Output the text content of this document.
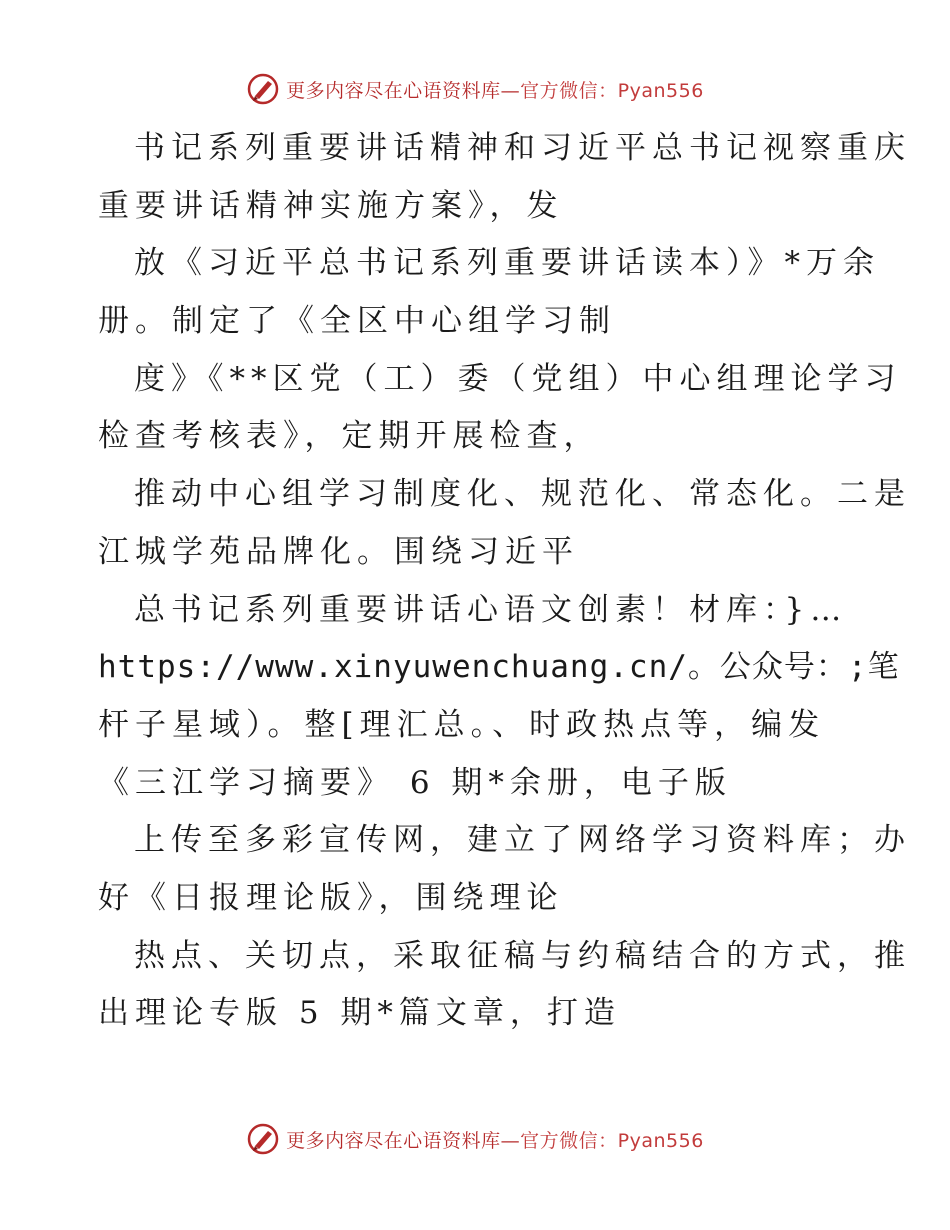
更多内容尽在心语资料库—官方微信：Pyan556
书记系列重要讲话精神和习近平总书记视察重庆
重要讲话精神实施方案》，发
放《习近平总书记系列重要讲话读本）》*万余
册。制定了《全区中心组学习制
度》《**区党（工）委（党组）中心组理论学习
检查考核表》，定期开展检查，
推动中心组学习制度化、规范化、常态化。二是
江城学苑品牌化。围绕习近平
总书记系列重要讲话心语文创素！材库：}…
https://www.xinyuwenchuang.cn/。公众号：;笔
杆子星域）。整[理汇总。、时政热点等，编发
《三江学习摘要》 6 期*余册，电子版
上传至多彩宣传网，建立了网络学习资料库；办
好《日报理论版》，围绕理论
热点、关切点，采取征稿与约稿结合的方式，推
出理论专版 5 期*篇文章，打造
更多内容尽在心语资料库—官方微信：Pyan556
